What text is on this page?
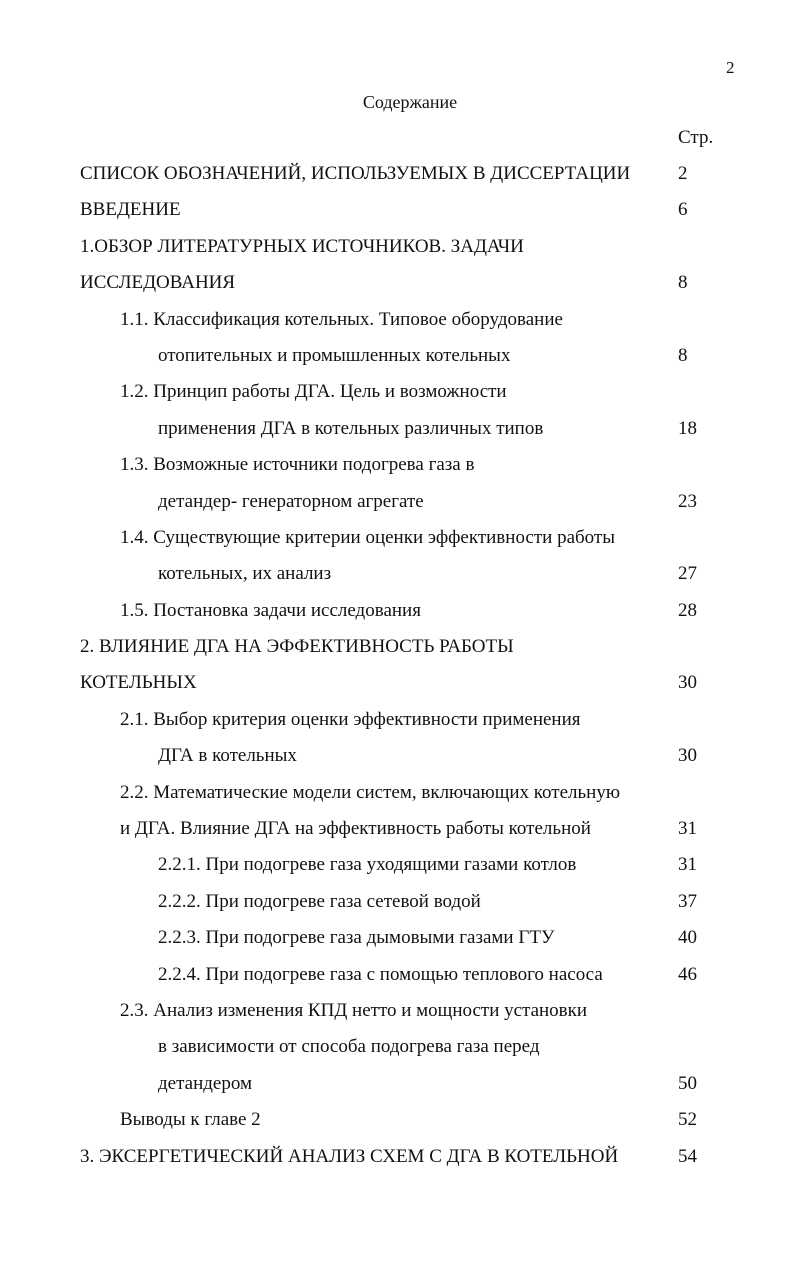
2
Содержание
Стр.
СПИСОК ОБОЗНАЧЕНИЙ, ИСПОЛЬЗУЕМЫХ В ДИССЕРТАЦИИ	2
ВВЕДЕНИЕ	6
1.ОБЗОР ЛИТЕРАТУРНЫХ ИСТОЧНИКОВ. ЗАДАЧИ
ИССЛЕДОВАНИЯ	8
1.1. Классификация котельных. Типовое оборудование
отопительных и промышленных котельных	8
1.2. Принцип работы ДГА. Цель и возможности
применения ДГА в котельных различных типов	18
1.3. Возможные источники подогрева газа в
детандер- генераторном агрегате	23
1.4. Существующие критерии оценки эффективности работы
котельных, их анализ	27
1.5. Постановка задачи исследования	28
2. ВЛИЯНИЕ ДГА НА ЭФФЕКТИВНОСТЬ РАБОТЫ
КОТЕЛЬНЫХ	30
2.1. Выбор критерия оценки эффективности применения
ДГА в котельных	30
2.2. Математические модели систем, включающих котельную
и ДГА. Влияние ДГА на эффективность работы котельной	31
2.2.1. При подогреве газа уходящими газами котлов	31
2.2.2. При подогреве газа сетевой водой	37
2.2.3. При подогреве газа дымовыми газами ГТУ	40
2.2.4. При подогреве газа с помощью теплового насоса	46
2.3. Анализ изменения КПД нетто и мощности установки
в зависимости от способа подогрева газа перед
детандером	50
Выводы к главе 2	52
3. ЭКСЕРГЕТИЧЕСКИЙ АНАЛИЗ СХЕМ С ДГА В КОТЕЛЬНОЙ	54
